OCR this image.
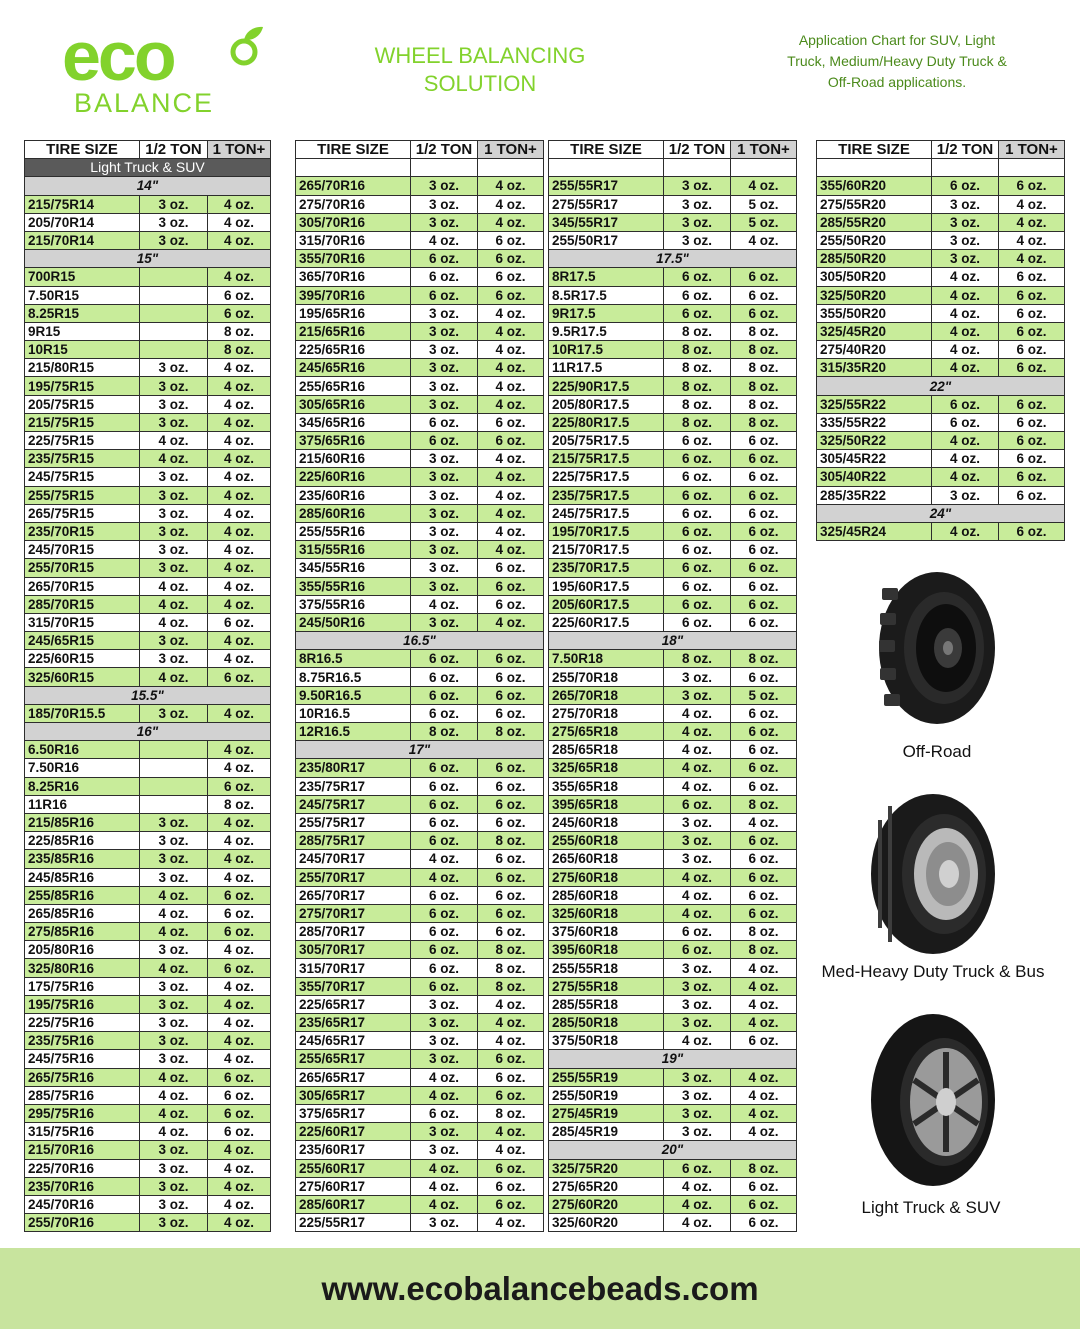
eco
BALANCE
WHEEL BALANCING
SOLUTION
Application Chart for SUV, Light
Truck, Medium/Heavy Duty Truck &
Off-Road applications.
TIRE SIZE	1/2 TON	1 TON+
Light Truck & SUV		
14"		
215/75R14	3 oz.	4 oz.
205/70R14	3 oz.	4 oz.
215/70R14	3 oz.	4 oz.
15"		
700R15		4 oz.
7.50R15		6 oz.
8.25R15		6 oz.
9R15		8 oz.
10R15		8 oz.
215/80R15	3 oz.	4 oz.
195/75R15	3 oz.	4 oz.
205/75R15	3 oz.	4 oz.
215/75R15	3 oz.	4 oz.
225/75R15	4 oz.	4 oz.
235/75R15	4 oz.	4 oz.
245/75R15	3 oz.	4 oz.
255/75R15	3 oz.	4 oz.
265/75R15	3 oz.	4 oz.
235/70R15	3 oz.	4 oz.
245/70R15	3 oz.	4 oz.
255/70R15	3 oz.	4 oz.
265/70R15	4 oz.	4 oz.
285/70R15	4 oz.	4 oz.
315/70R15	4 oz.	6 oz.
245/65R15	3 oz.	4 oz.
225/60R15	3 oz.	4 oz.
325/60R15	4 oz.	6 oz.
15.5"		
185/70R15.5	3 oz.	4 oz.
16"		
6.50R16		4 oz.
7.50R16		4 oz.
8.25R16		6 oz.
11R16		8 oz.
215/85R16	3 oz.	4 oz.
225/85R16	3 oz.	4 oz.
235/85R16	3 oz.	4 oz.
245/85R16	3 oz.	4 oz.
255/85R16	4 oz.	6 oz.
265/85R16	4 oz.	6 oz.
275/85R16	4 oz.	6 oz.
205/80R16	3 oz.	4 oz.
325/80R16	4 oz.	6 oz.
175/75R16	3 oz.	4 oz.
195/75R16	3 oz.	4 oz.
225/75R16	3 oz.	4 oz.
235/75R16	3 oz.	4 oz.
245/75R16	3 oz.	4 oz.
265/75R16	4 oz.	6 oz.
285/75R16	4 oz.	6 oz.
295/75R16	4 oz.	6 oz.
315/75R16	4 oz.	6 oz.
215/70R16	3 oz.	4 oz.
225/70R16	3 oz.	4 oz.
235/70R16	3 oz.	4 oz.
245/70R16	3 oz.	4 oz.
255/70R16	3 oz.	4 oz.
TIRE SIZE	1/2 TON	1 TON+

265/70R16	3 oz.	4 oz.
275/70R16	3 oz.	4 oz.
305/70R16	3 oz.	4 oz.
315/70R16	4 oz.	6 oz.
355/70R16	6 oz.	6 oz.
365/70R16	6 oz.	6 oz.
395/70R16	6 oz.	6 oz.
195/65R16	3 oz.	4 oz.
215/65R16	3 oz.	4 oz.
225/65R16	3 oz.	4 oz.
245/65R16	3 oz.	4 oz.
255/65R16	3 oz.	4 oz.
305/65R16	3 oz.	4 oz.
345/65R16	6 oz.	6 oz.
375/65R16	6 oz.	6 oz.
215/60R16	3 oz.	4 oz.
225/60R16	3 oz.	4 oz.
235/60R16	3 oz.	4 oz.
285/60R16	3 oz.	4 oz.
255/55R16	3 oz.	4 oz.
315/55R16	3 oz.	4 oz.
345/55R16	3 oz.	6 oz.
355/55R16	3 oz.	6 oz.
375/55R16	4 oz.	6 oz.
245/50R16	3 oz.	4 oz.
16.5"		
8R16.5	6 oz.	6 oz.
8.75R16.5	6 oz.	6 oz.
9.50R16.5	6 oz.	6 oz.
10R16.5	6 oz.	6 oz.
12R16.5	8 oz.	8 oz.
17"		
235/80R17	6 oz.	6 oz.
235/75R17	6 oz.	6 oz.
245/75R17	6 oz.	6 oz.
255/75R17	6 oz.	6 oz.
285/75R17	6 oz.	8 oz.
245/70R17	4 oz.	6 oz.
255/70R17	4 oz.	6 oz.
265/70R17	6 oz.	6 oz.
275/70R17	6 oz.	6 oz.
285/70R17	6 oz.	6 oz.
305/70R17	6 oz.	8 oz.
315/70R17	6 oz.	8 oz.
355/70R17	6 oz.	8 oz.
225/65R17	3 oz.	4 oz.
235/65R17	3 oz.	4 oz.
245/65R17	3 oz.	4 oz.
255/65R17	3 oz.	6 oz.
265/65R17	4 oz.	6 oz.
305/65R17	4 oz.	6 oz.
375/65R17	6 oz.	8 oz.
225/60R17	3 oz.	4 oz.
235/60R17	3 oz.	4 oz.
255/60R17	4 oz.	6 oz.
275/60R17	4 oz.	6 oz.
285/60R17	4 oz.	6 oz.
225/55R17	3 oz.	4 oz.
TIRE SIZE	1/2 TON	1 TON+

255/55R17	3 oz.	4 oz.
275/55R17	3 oz.	5 oz.
345/55R17	3 oz.	5 oz.
255/50R17	3 oz.	4 oz.
17.5"		
8R17.5	6 oz.	6 oz.
8.5R17.5	6 oz.	6 oz.
9R17.5	6 oz.	6 oz.
9.5R17.5	8 oz.	8 oz.
10R17.5	8 oz.	8 oz.
11R17.5	8 oz.	8 oz.
225/90R17.5	8 oz.	8 oz.
205/80R17.5	8 oz.	8 oz.
225/80R17.5	8 oz.	8 oz.
205/75R17.5	6 oz.	6 oz.
215/75R17.5	6 oz.	6 oz.
225/75R17.5	6 oz.	6 oz.
235/75R17.5	6 oz.	6 oz.
245/75R17.5	6 oz.	6 oz.
195/70R17.5	6 oz.	6 oz.
215/70R17.5	6 oz.	6 oz.
235/70R17.5	6 oz.	6 oz.
195/60R17.5	6 oz.	6 oz.
205/60R17.5	6 oz.	6 oz.
225/60R17.5	6 oz.	6 oz.
18"		
7.50R18	8 oz.	8 oz.
255/70R18	3 oz.	6 oz.
265/70R18	3 oz.	5 oz.
275/70R18	4 oz.	6 oz.
275/65R18	4 oz.	6 oz.
285/65R18	4 oz.	6 oz.
325/65R18	4 oz.	6 oz.
355/65R18	4 oz.	6 oz.
395/65R18	6 oz.	8 oz.
245/60R18	3 oz.	4 oz.
255/60R18	3 oz.	6 oz.
265/60R18	3 oz.	6 oz.
275/60R18	4 oz.	6 oz.
285/60R18	4 oz.	6 oz.
325/60R18	4 oz.	6 oz.
375/60R18	6 oz.	8 oz.
395/60R18	6 oz.	8 oz.
255/55R18	3 oz.	4 oz.
275/55R18	3 oz.	4 oz.
285/55R18	3 oz.	4 oz.
285/50R18	3 oz.	4 oz.
375/50R18	4 oz.	6 oz.
19"		
255/55R19	3 oz.	4 oz.
255/50R19	3 oz.	4 oz.
275/45R19	3 oz.	4 oz.
285/45R19	3 oz.	4 oz.
20"		
325/75R20	6 oz.	8 oz.
275/65R20	4 oz.	6 oz.
275/60R20	4 oz.	6 oz.
325/60R20	4 oz.	6 oz.
TIRE SIZE	1/2 TON	1 TON+

355/60R20	6 oz.	6 oz.
275/55R20	3 oz.	4 oz.
285/55R20	3 oz.	4 oz.
255/50R20	3 oz.	4 oz.
285/50R20	3 oz.	4 oz.
305/50R20	4 oz.	6 oz.
325/50R20	4 oz.	6 oz.
355/50R20	4 oz.	6 oz.
325/45R20	4 oz.	6 oz.
275/40R20	4 oz.	6 oz.
315/35R20	4 oz.	6 oz.
22"		
325/55R22	6 oz.	6 oz.
335/55R22	6 oz.	6 oz.
325/50R22	4 oz.	6 oz.
305/45R22	4 oz.	6 oz.
305/40R22	4 oz.	6 oz.
285/35R22	3 oz.	6 oz.
24"		
325/45R24	4 oz.	6 oz.
Off-Road
Med-Heavy Duty Truck & Bus
Light Truck & SUV
www.ecobalancebeads.com
